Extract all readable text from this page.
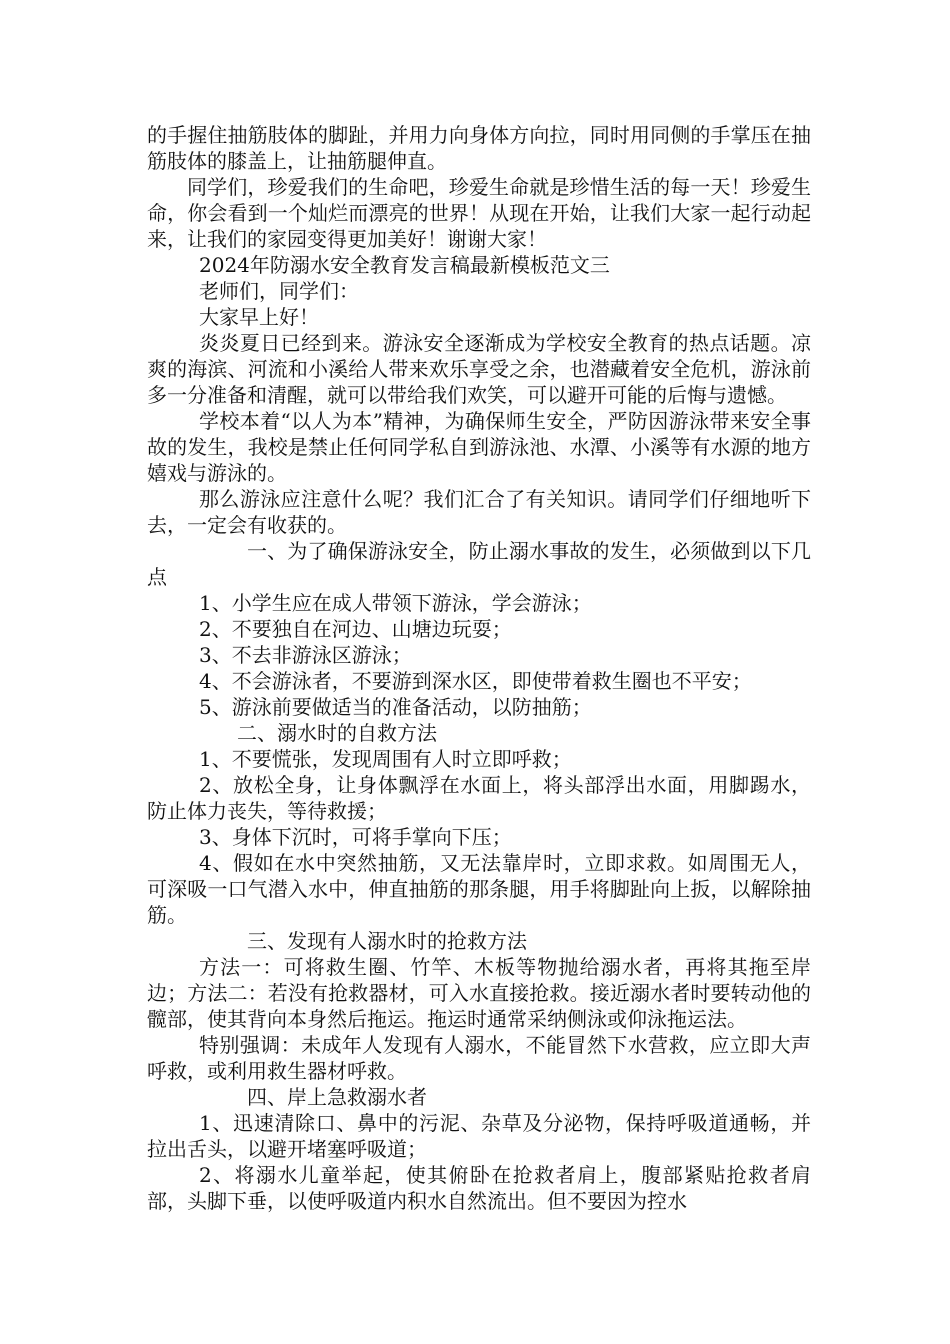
的手握住抽筋肢体的脚趾，并用力向身体方向拉，同时用同侧的手掌压在抽筋肢体的膝盖上，让抽筋腿伸直。

同学们，珍爱我们的生命吧，珍爱生命就是珍惜生活的每一天！珍爱生命，你会看到一个灿烂而漂亮的世界！从现在开始，让我们大家一起行动起来，让我们的家园变得更加美好！谢谢大家！

2024年防溺水安全教育发言稿最新模板范文三

老师们，同学们：

大家早上好！

炎炎夏日已经到来。游泳安全逐渐成为学校安全教育的热点话题。凉爽的海滨、河流和小溪给人带来欢乐享受之余，也潜藏着安全危机，游泳前多一分准备和清醒，就可以带给我们欢笑，可以避开可能的后悔与遗憾。

学校本着“以人为本”精神，为确保师生安全，严防因游泳带来安全事故的发生，我校是禁止任何同学私自到游泳池、水潭、小溪等有水源的地方嬉戏与游泳的。

那么游泳应注意什么呢？我们汇合了有关知识。请同学们仔细地听下去，一定会有收获的。

一、为了确保游泳安全，防止溺水事故的发生，必须做到以下几点

1、小学生应在成人带领下游泳，学会游泳；

2、不要独自在河边、山塘边玩耍；

3、不去非游泳区游泳；

4、不会游泳者，不要游到深水区，即使带着救生圈也不平安；

5、游泳前要做适当的准备活动，以防抽筋；

二、溺水时的自救方法

1、不要慌张，发现周围有人时立即呼救；

2、放松全身，让身体飘浮在水面上，将头部浮出水面，用脚踢水，防止体力丧失，等待救援；

3、身体下沉时，可将手掌向下压；

4、假如在水中突然抽筋，又无法靠岸时，立即求救。如周围无人，可深吸一口气潜入水中，伸直抽筋的那条腿，用手将脚趾向上扳，以解除抽筋。

三、发现有人溺水时的抢救方法

方法一：可将救生圈、竹竿、木板等物抛给溺水者，再将其拖至岸边；方法二：若没有抢救器材，可入水直接抢救。接近溺水者时要转动他的髋部，使其背向本身然后拖运。拖运时通常采纳侧泳或仰泳拖运法。

特别强调：未成年人发现有人溺水，不能冒然下水营救，应立即大声呼救，或利用救生器材呼救。

四、岸上急救溺水者

1、迅速清除口、鼻中的污泥、杂草及分泌物，保持呼吸道通畅，并拉出舌头，以避开堵塞呼吸道；

2、将溺水儿童举起，使其俯卧在抢救者肩上，腹部紧贴抢救者肩部，头脚下垂，以使呼吸道内积水自然流出。但不要因为控水
